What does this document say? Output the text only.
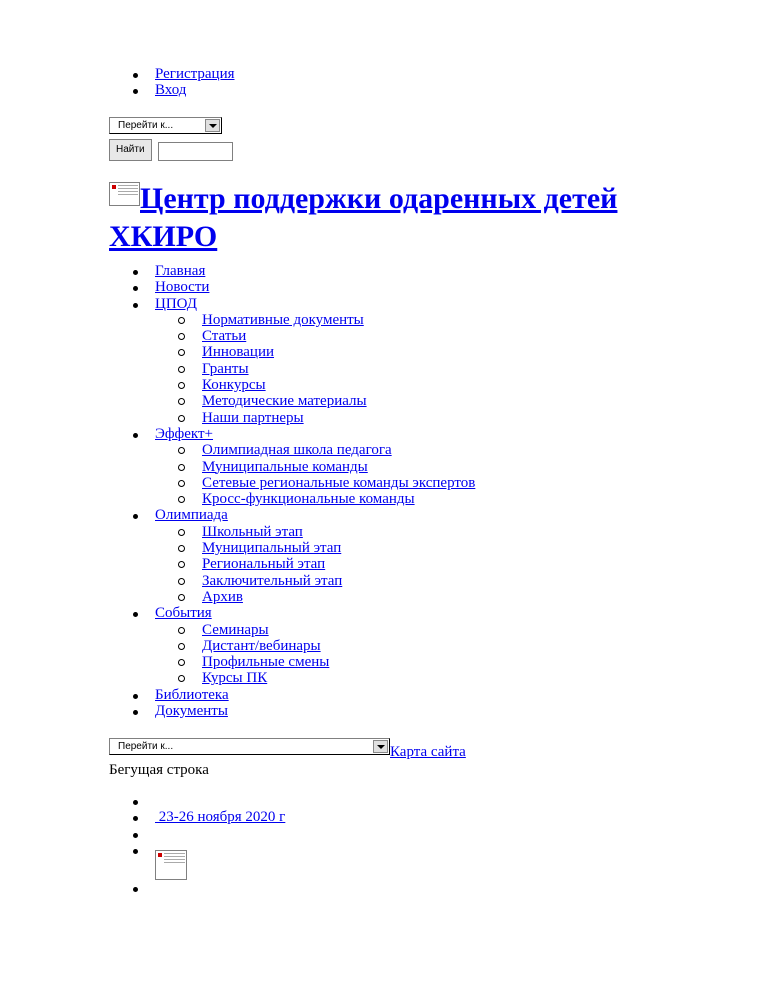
Регистрация
Вход
Перейти к...
Найти
Центр поддержки одаренных детей ХКИРО
Главная
Новости
ЦПОД
Нормативные документы
Статьи
Инновации
Гранты
Конкурсы
Методические материалы
Наши партнеры
Эффект+
Олимпиадная школа педагога
Муниципальные команды
Сетевые региональные команды экспертов
Кросс-функциональные команды
Олимпиада
Школьный этап
Муниципальный этап
Региональный этап
Заключительный этап
Архив
События
Семинары
Дистант/вебинары
Профильные смены
Курсы ПК
Библиотека
Документы
Перейти к...	Карта сайта
Бегущая строка
23-26 ноября 2020 г
